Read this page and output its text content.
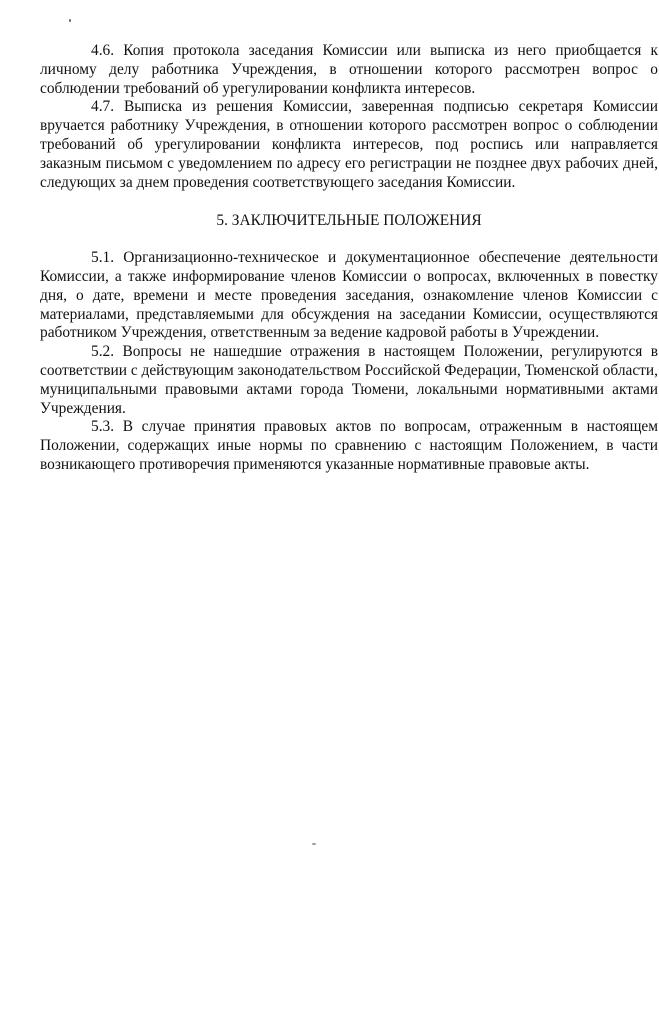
4.6. Копия протокола заседания Комиссии или выписка из него приобщается к личному делу работника Учреждения, в отношении которого рассмотрен вопрос о соблюдении требований об урегулировании конфликта интересов.

4.7. Выписка из решения Комиссии, заверенная подписью секретаря Комиссии вручается работнику Учреждения, в отношении которого рассмотрен вопрос о соблюдении требований об урегулировании конфликта интересов, под роспись или направляется заказным письмом с уведомлением по адресу его регистрации не позднее двух рабочих дней, следующих за днем проведения соответствующего заседания Комиссии.

5. ЗАКЛЮЧИТЕЛЬНЫЕ ПОЛОЖЕНИЯ

5.1. Организационно-техническое и документационное обеспечение деятельности Комиссии, а также информирование членов Комиссии о вопросах, включенных в повестку дня, о дате, времени и месте проведения заседания, ознакомление членов Комиссии с материалами, представляемыми для обсуждения на заседании Комиссии, осуществляются работником Учреждения, ответственным за ведение кадровой работы в Учреждении.

5.2. Вопросы не нашедшие отражения в настоящем Положении, регулируются в соответствии с действующим законодательством Российской Федерации, Тюменской области, муниципальными правовыми актами города Тюмени, локальными нормативными актами Учреждения.

5.3. В случае принятия правовых актов по вопросам, отраженным в настоящем Положении, содержащих иные нормы по сравнению с настоящим Положением, в части возникающего противоречия применяются указанные нормативные правовые акты.
